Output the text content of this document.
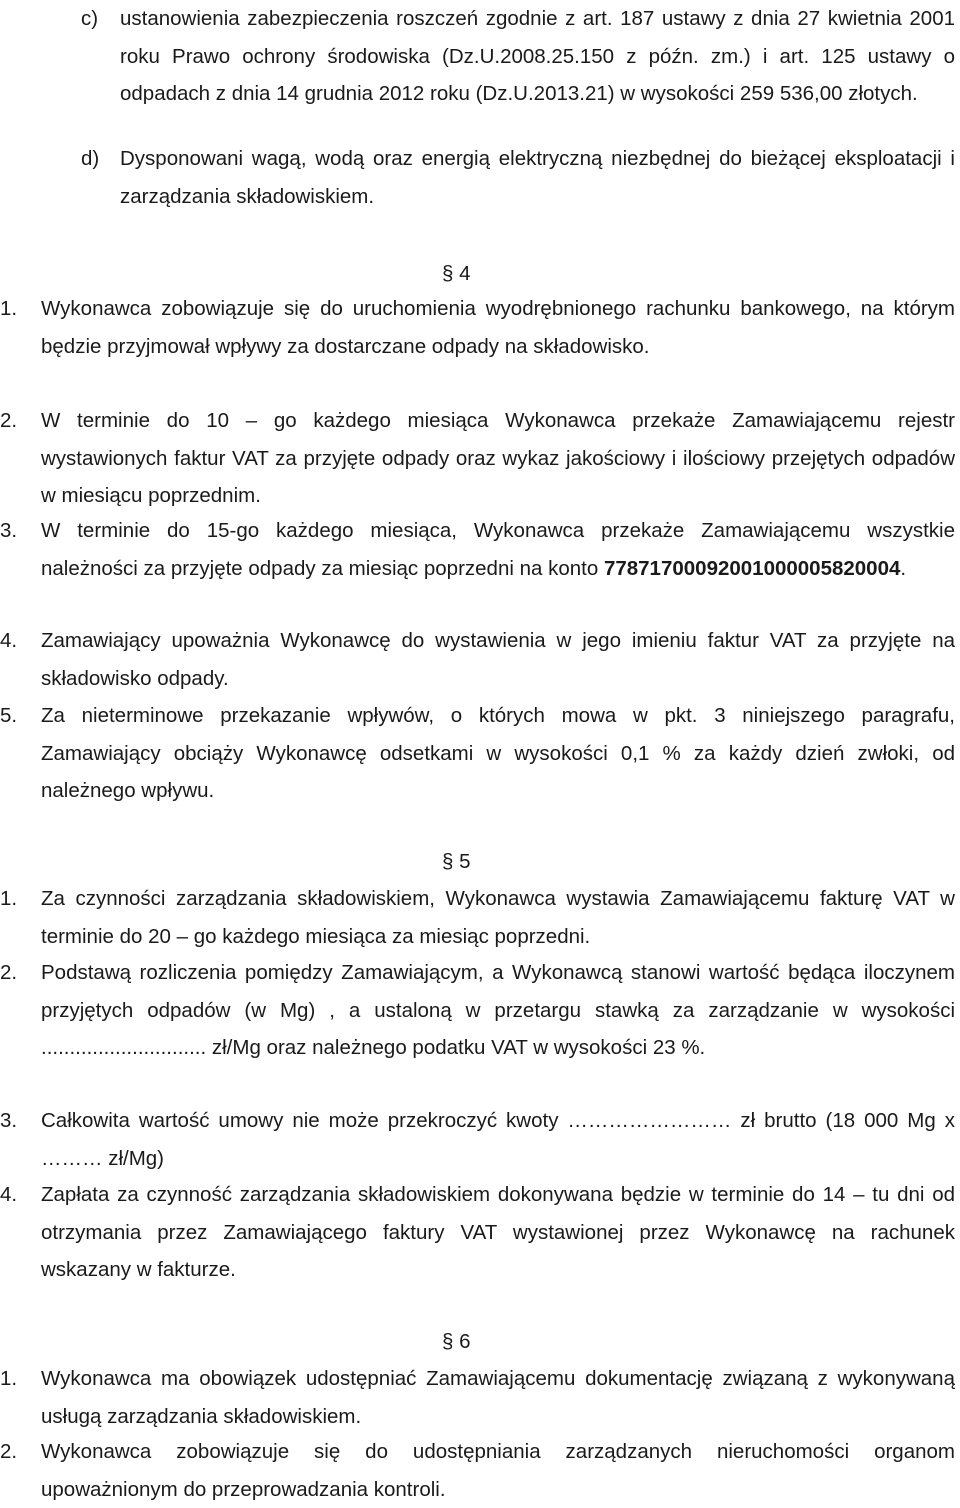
c) ustanowienia zabezpieczenia roszczeń zgodnie z art. 187 ustawy z dnia 27 kwietnia 2001 roku Prawo ochrony środowiska (Dz.U.2008.25.150 z późn. zm.) i art. 125 ustawy o odpadach z dnia 14 grudnia 2012 roku (Dz.U.2013.21) w wysokości 259 536,00 złotych.
d) Dysponowani wagą, wodą oraz energią elektryczną niezbędnej do bieżącej eksploatacji i zarządzania składowiskiem.
§ 4
1. Wykonawca zobowiązuje się do uruchomienia wyodrębnionego rachunku bankowego, na którym będzie przyjmował wpływy za dostarczane odpady na składowisko.
2. W terminie do 10 – go każdego miesiąca Wykonawca przekaże Zamawiającemu rejestr wystawionych faktur VAT za przyjęte odpady oraz wykaz jakościowy i ilościowy przejętych odpadów w miesiącu poprzednim.
3. W terminie do 15-go każdego miesiąca, Wykonawca przekaże Zamawiającemu wszystkie należności za przyjęte odpady za miesiąc poprzedni na konto 77871700092001000005820004.
4. Zamawiający upoważnia Wykonawcę do wystawienia w jego imieniu faktur VAT za przyjęte na składowisko odpady.
5. Za nieterminowe przekazanie wpływów, o których mowa w pkt. 3 niniejszego paragrafu, Zamawiający obciąży Wykonawcę odsetkami w wysokości 0,1 % za każdy dzień zwłoki, od należnego wpływu.
§ 5
1. Za czynności zarządzania składowiskiem, Wykonawca wystawia Zamawiającemu fakturę VAT w terminie do 20 – go każdego miesiąca za miesiąc poprzedni.
2. Podstawą rozliczenia pomiędzy Zamawiającym, a Wykonawcą stanowi wartość będąca iloczynem przyjętych odpadów (w Mg) , a ustaloną w przetargu stawką za zarządzanie w wysokości ............................. zł/Mg oraz należnego podatku VAT w wysokości 23 %.
3. Całkowita wartość umowy nie może przekroczyć kwoty …………………… zł brutto (18 000 Mg x ……… zł/Mg)
4. Zapłata za czynność zarządzania składowiskiem dokonywana będzie w terminie do 14 – tu dni od otrzymania przez Zamawiającego faktury VAT wystawionej przez Wykonawcę na rachunek wskazany w fakturze.
§ 6
1. Wykonawca ma obowiązek udostępniać Zamawiającemu dokumentację związaną z wykonywaną usługą zarządzania składowiskiem.
2. Wykonawca zobowiązuje się do udostępniania zarządzanych nieruchomości organom upoważnionym do przeprowadzania kontroli.
